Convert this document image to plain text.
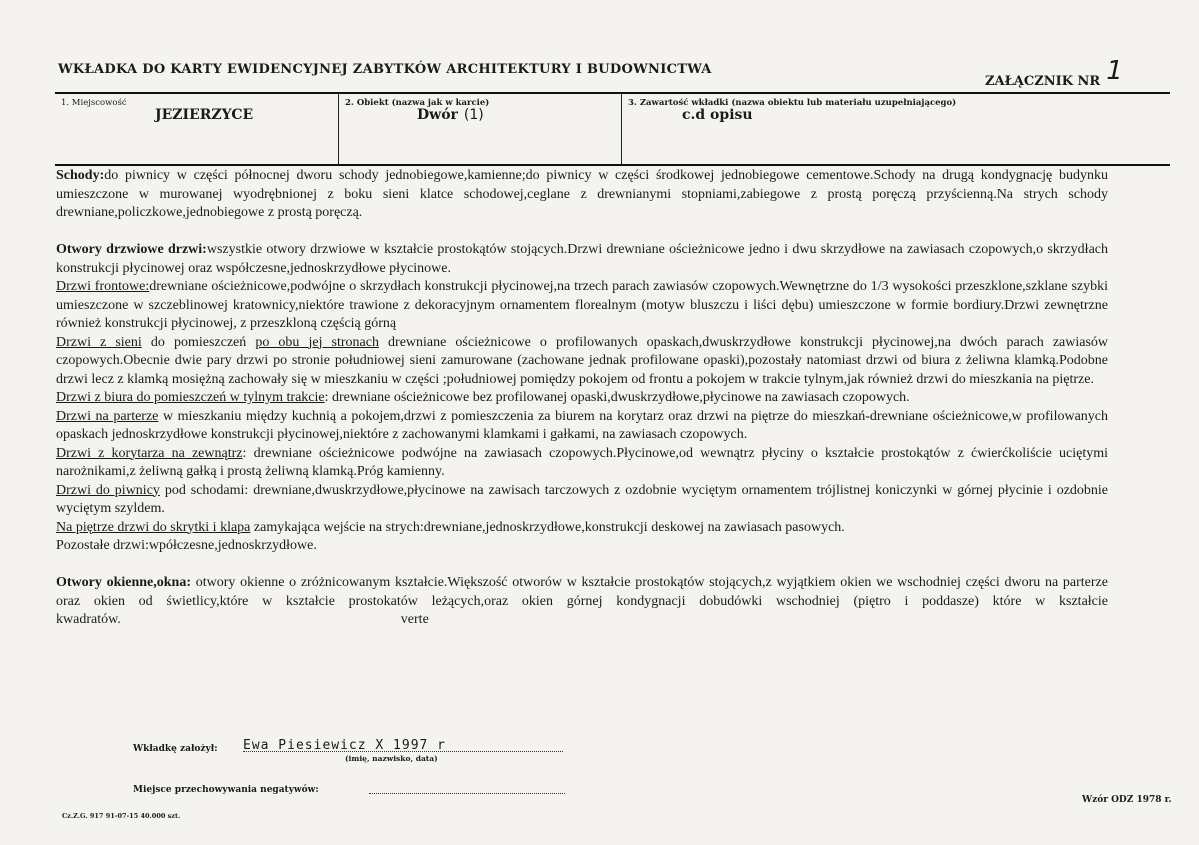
WKŁADKA DO KARTY EWIDENCYJNEJ ZABYTKÓW ARCHITEKTURY I BUDOWNICTWA
ZAŁĄCZNIK NR 1
1. Miejscowość
JEZIERZYCE
2. Obiekt (nazwa jak w karcie)
Dwór (1)
3. Zawartość wkładki (nazwa obiektu lub materiału uzupełniającego)
c.d opisu

Schody:do piwnicy w części północnej dworu schody jednobiegowe,kamienne;do piwnicy w części środkowej jednobiegowe cementowe.Schody na drugą kondygnację budynku umieszczone w murowanej wyodrębnionej z boku sieni klatce schodowej,ceglane z drewnianymi stopniami,zabiegowe z prostą poręczą przyścienną.Na strych schody drewniane,policzkowe,jednobiegowe z prostą poręczą.

Otwory drzwiowe drzwi:wszystkie otwory drzwiowe w kształcie prostokątów stojących.Drzwi drewniane ościeżnicowe jedno i dwu skrzydłowe na zawiasach czopowych,o skrzydłach konstrukcji płycinowej oraz współczesne,jednoskrzydłowe płycinowe.

Drzwi frontowe:drewniane ościeżnicowe,podwójne o skrzydłach konstrukcji płycinowej,na trzech parach zawiasów czopowych.Wewnętrzne do 1/3 wysokości przeszklone,szklane szybki umieszczone w szczeblinowej kratownicy,niektóre trawione z dekoracyjnym ornamentem florealnym (motyw bluszczu i liści dębu) umieszczone w formie bordiury.Drzwi zewnętrzne również konstrukcji płycinowej, z przeszkloną częścią górną

Drzwi z sieni do pomieszczeń po obu jej stronach drewniane ościeżnicowe o profilowanych opaskach,dwuskrzydłowe konstrukcji płycinowej,na dwóch parach zawiasów czopowych.Obecnie dwie pary drzwi po stronie południowej sieni zamurowane (zachowane jednak profilowane opaski),pozostały natomiast drzwi od biura z żeliwna klamką.Podobne drzwi lecz z klamką mosiężną zachowały się w mieszkaniu w części ;południowej pomiędzy pokojem od frontu a pokojem w trakcie tylnym,jak również drzwi do mieszkania na piętrze.

Drzwi z biura do pomieszczeń w tylnym trakcie: drewniane ościeżnicowe bez profilowanej opaski,dwuskrzydłowe,płycinowe na zawiasach czopowych.

Drzwi na parterze w mieszkaniu między kuchnią a pokojem,drzwi z pomieszczenia za biurem na korytarz oraz drzwi na piętrze do mieszkań-drewniane ościeżnicowe,w profilowanych opaskach jednoskrzydłowe konstrukcji płycinowej,niektóre z zachowanymi klamkami i gałkami, na zawiasach czopowych.

Drzwi z korytarza na zewnątrz: drewniane ościeżnicowe podwójne na zawiasach czopowych.Płycinowe,od wewnątrz płyciny o kształcie prostokątów z ćwierćkoliście uciętymi narożnikami,z żeliwną gałką i prostą żeliwną klamką.Próg kamienny.

Drzwi do piwnicy pod schodami: drewniane,dwuskrzydłowe,płycinowe na zawisach tarczowych z ozdobnie wyciętym ornamentem trójlistnej koniczynki w górnej płycinie i ozdobnie wyciętym szyldem.

Na piętrze drzwi do skrytki i klapa zamykająca wejście na strych:drewniane,jednoskrzydłowe,konstrukcji deskowej na zawiasach pasowych.

Pozostałe drzwi:wpółczesne,jednoskrzydłowe.

Otwory okienne,okna: otwory okienne o zróżnicowanym kształcie.Większość otworów w kształcie prostokątów stojących,z wyjątkiem okien we wschodniej części dworu na parterze oraz okien od świetlicy,które w kształcie prostokatów leżących,oraz okien górnej kondygnacji dobudówki wschodniej (piętro i poddasze) które w kształcie kwadratów.	verte

Wkładkę założył: Ewa Piesiewicz X 1997 r
(imię, nazwisko, data)
Miejsce przechowywania negatywów:
Wzór ODZ 1978 r.
Cz.Z.G. 917 91-07-15 40.000 szt.
